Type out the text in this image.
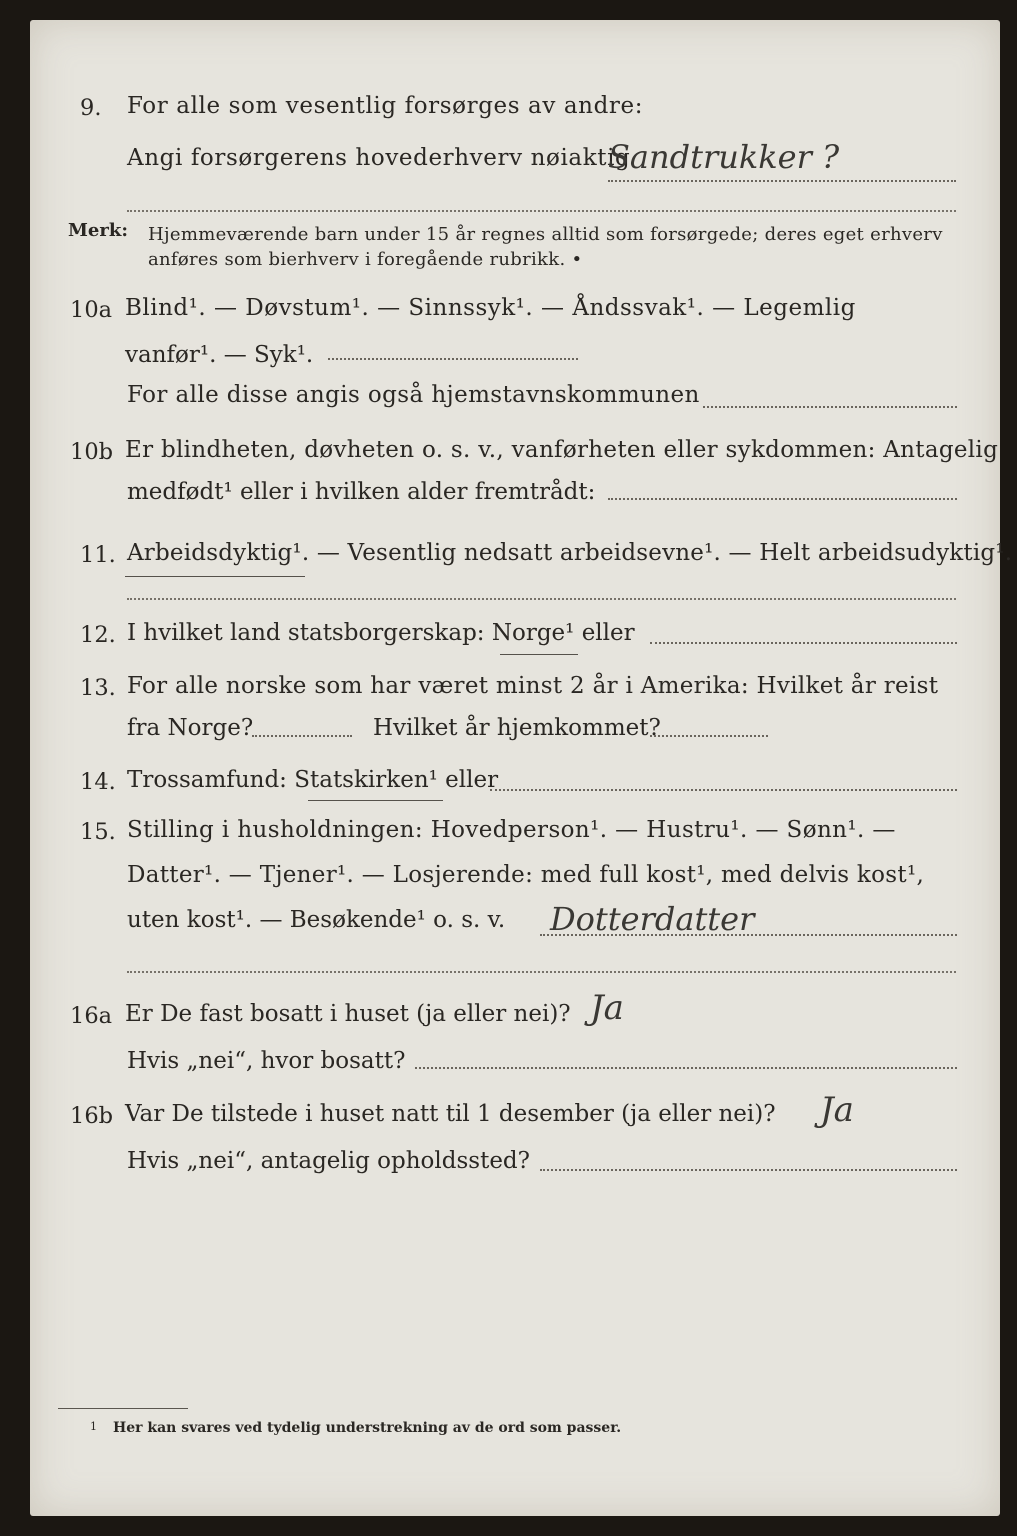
9. For alle som vesentlig forsørges av andre:
Angi forsørgerens hovederhverv nøiaktig
Sandtrukker ?
Merk: Hjemmeværende barn under 15 år regnes alltid som forsørgede; deres eget erhverv
anføres som bierhverv i foregående rubrikk. •
10a Blind¹. — Døvstum¹. — Sinnssyk¹. — Åndssvak¹. — Legemlig
vanfør¹. — Syk¹.
For alle disse angis også hjemstavnskommunen
10b Er blindheten, døvheten o. s. v., vanførheten eller sykdommen: Antagelig
medfødt¹ eller i hvilken alder fremtrådt:
11. Arbeidsdyktig¹. — Vesentlig nedsatt arbeidsevne¹. — Helt arbeidsudyktig¹.
12. I hvilket land statsborgerskap: Norge¹ eller
13. For alle norske som har været minst 2 år i Amerika: Hvilket år reist
fra Norge?	Hvilket år hjemkommet?
14. Trossamfund: Statskirken¹ eller
15. Stilling i husholdningen: Hovedperson¹. — Hustru¹. — Sønn¹. —
Datter¹. — Tjener¹. — Losjerende: med full kost¹, med delvis kost¹,
uten kost¹. — Besøkende¹ o. s. v. Dotterdatter
16a Er De fast bosatt i huset (ja eller nei)? Ja
Hvis „nei“, hvor bosatt?
16b Var De tilstede i huset natt til 1 desember (ja eller nei)? Ja
Hvis „nei“, antagelig opholdssted?
1 Her kan svares ved tydelig understrekning av de ord som passer.
